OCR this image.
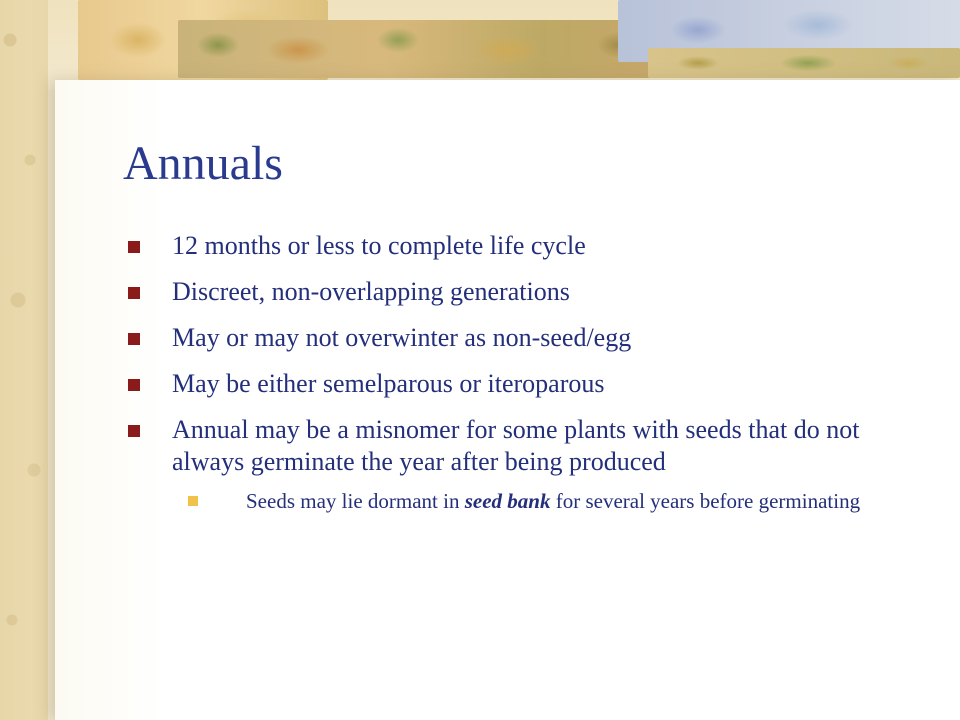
Annuals
12 months or less to complete life cycle
Discreet, non-overlapping generations
May or may not overwinter as non-seed/egg
May be either semelparous or iteroparous
Annual may be a misnomer for some plants with seeds that do not always germinate the year after being produced
Seeds may lie dormant in seed bank for several years before germinating
